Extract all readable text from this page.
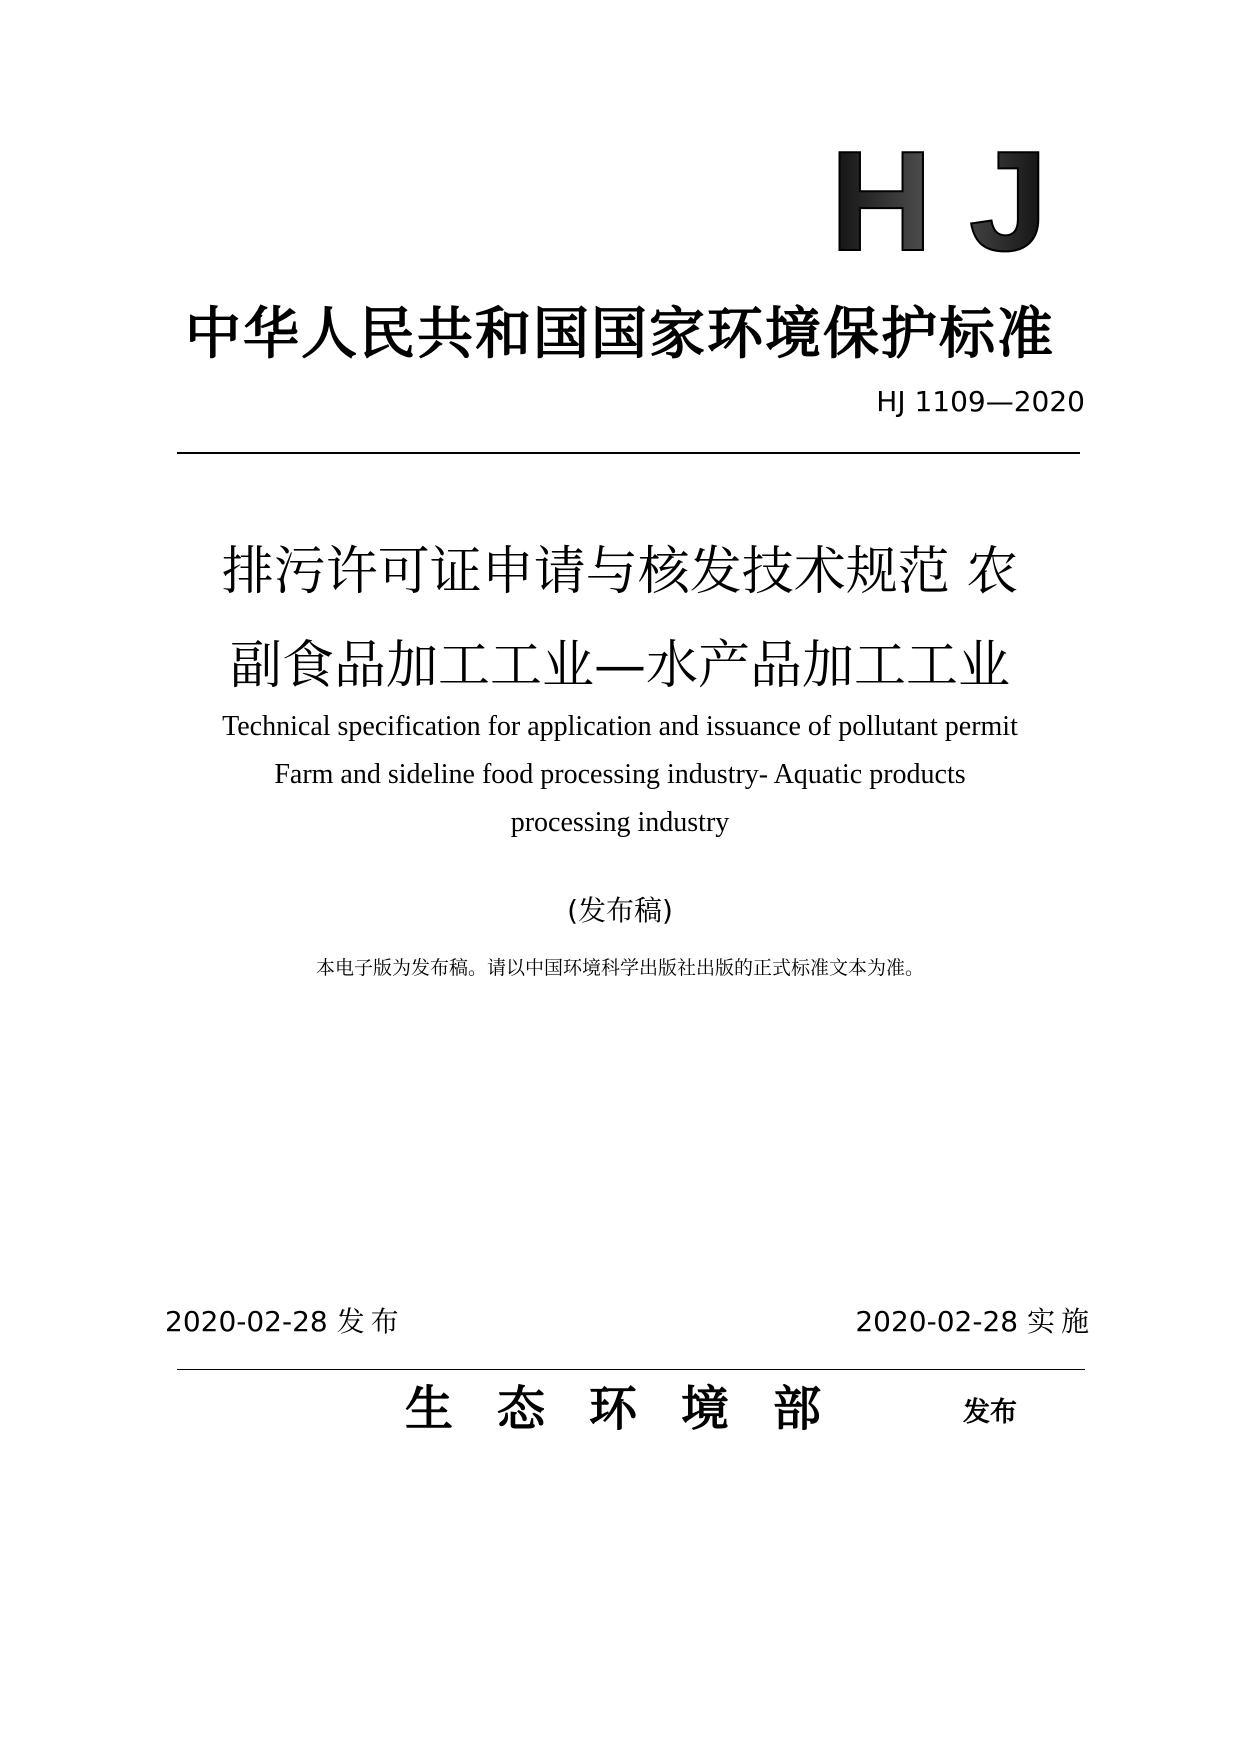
HJ
中华人民共和国国家环境保护标准
HJ 1109—2020
排污许可证申请与核发技术规范 农
副食品加工工业—水产品加工工业
Technical specification for application and issuance of pollutant permit
Farm and sideline food processing industry- Aquatic products
processing industry
(发布稿)
本电子版为发布稿。请以中国环境科学出版社出版的正式标准文本为准。
2020-02-28 发布	2020-02-28 实施
生态环境部	发布
